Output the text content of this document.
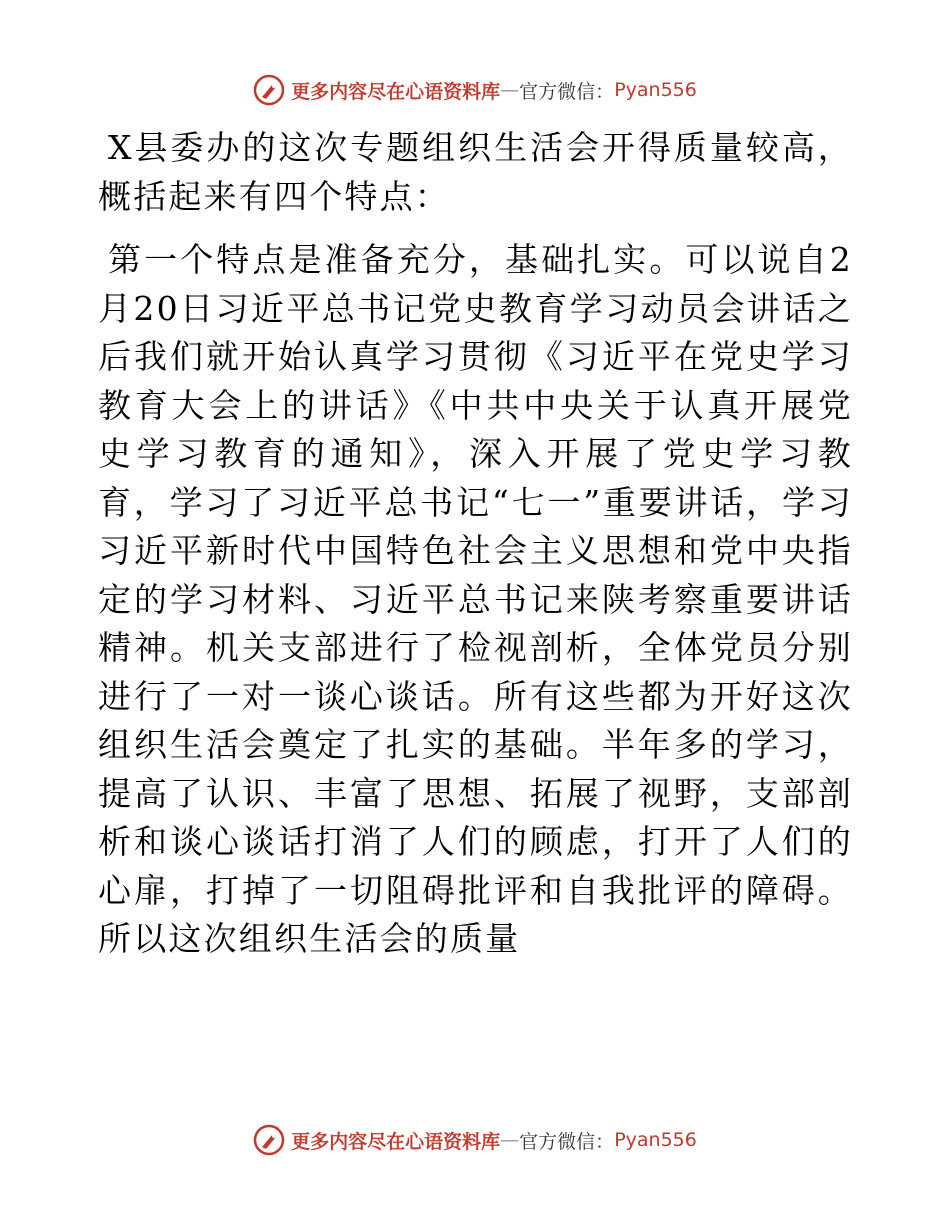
更多内容尽在心语资料库 — 官方微信： Pyan556

X县委办的这次专题组织生活会开得质量较高，概括起来有四个特点：

第一个特点是准备充分，基础扎实。可以说自2月20日习近平总书记党史教育学习动员会讲话之后我们就开始认真学习贯彻《习近平在党史学习教育大会上的讲话》《中共中央关于认真开展党史学习教育的通知》，深入开展了党史学习教育，学习了习近平总书记“七一”重要讲话，学习习近平新时代中国特色社会主义思想和党中央指定的学习材料、习近平总书记来陕考察重要讲话精神。机关支部进行了检视剖析，全体党员分别进行了一对一谈心谈话。所有这些都为开好这次组织生活会奠定了扎实的基础。半年多的学习，提高了认识、丰富了思想、拓展了视野，支部剖析和谈心谈话打消了人们的顾虑，打开了人们的心扉，打掉了一切阻碍批评和自我批评的障碍。所以这次组织生活会的质量

更多内容尽在心语资料库 — 官方微信： Pyan556
